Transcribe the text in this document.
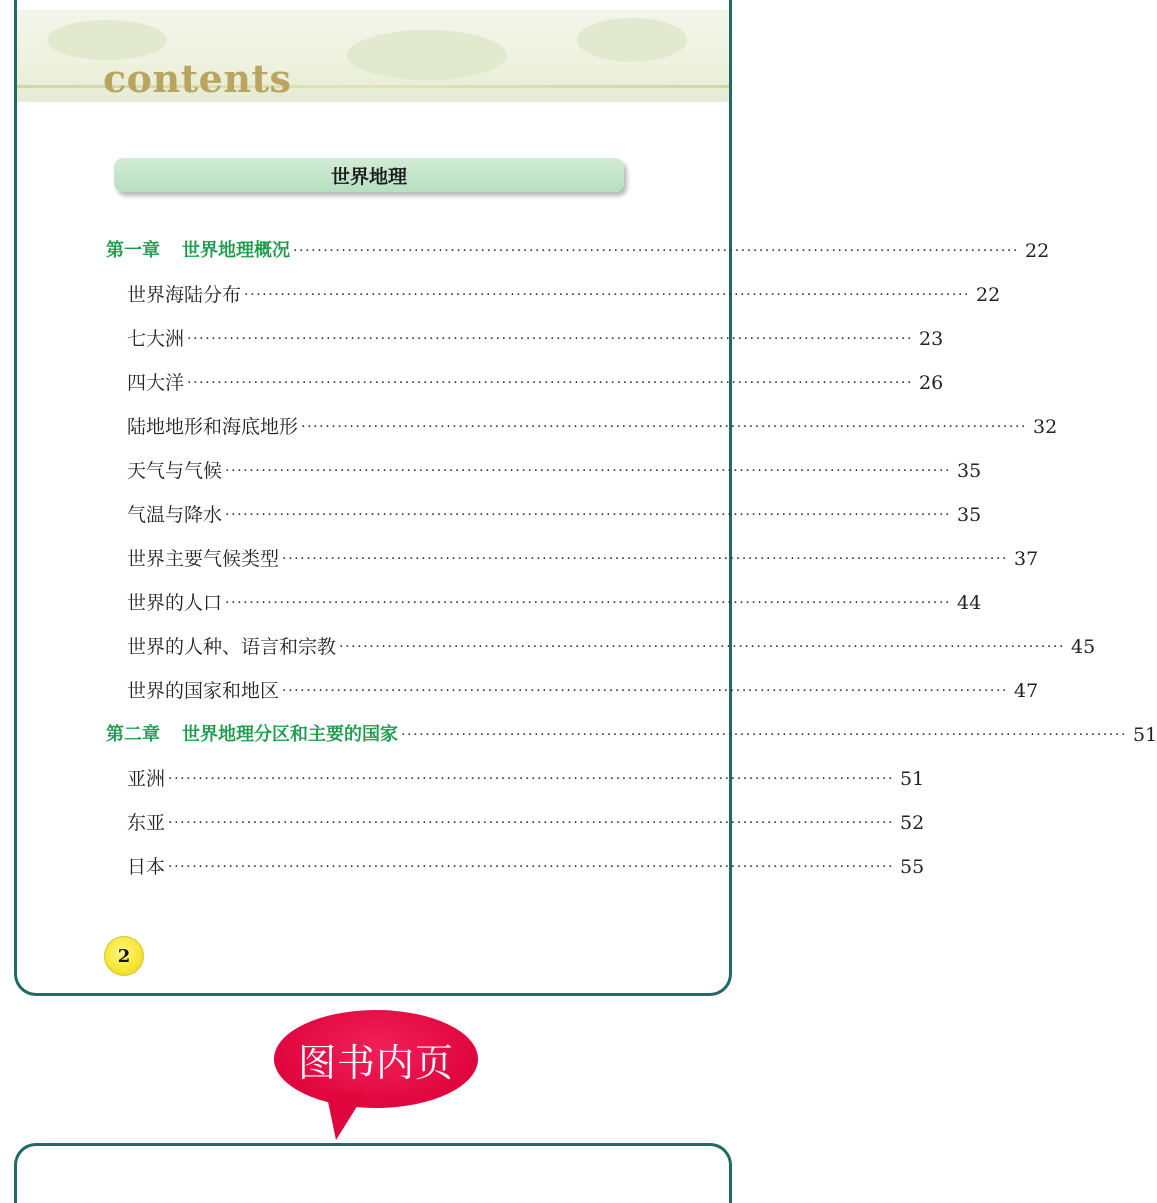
contents
世界地理
第一章 世界地理概况 ························································································································ 22
世界海陆分布 ························································································································ 22
七大洲 ························································································································ 23
四大洋 ························································································································ 26
陆地地形和海底地形 ························································································································ 32
天气与气候 ························································································································ 35
气温与降水 ························································································································ 35
世界主要气候类型 ························································································································ 37
世界的人口 ························································································································ 44
世界的人种、语言和宗教 ························································································································ 45
世界的国家和地区 ························································································································ 47
第二章 世界地理分区和主要的国家 ························································································································ 51
亚洲 ························································································································ 51
东亚 ························································································································ 52
日本 ························································································································ 55
2
图书内页
